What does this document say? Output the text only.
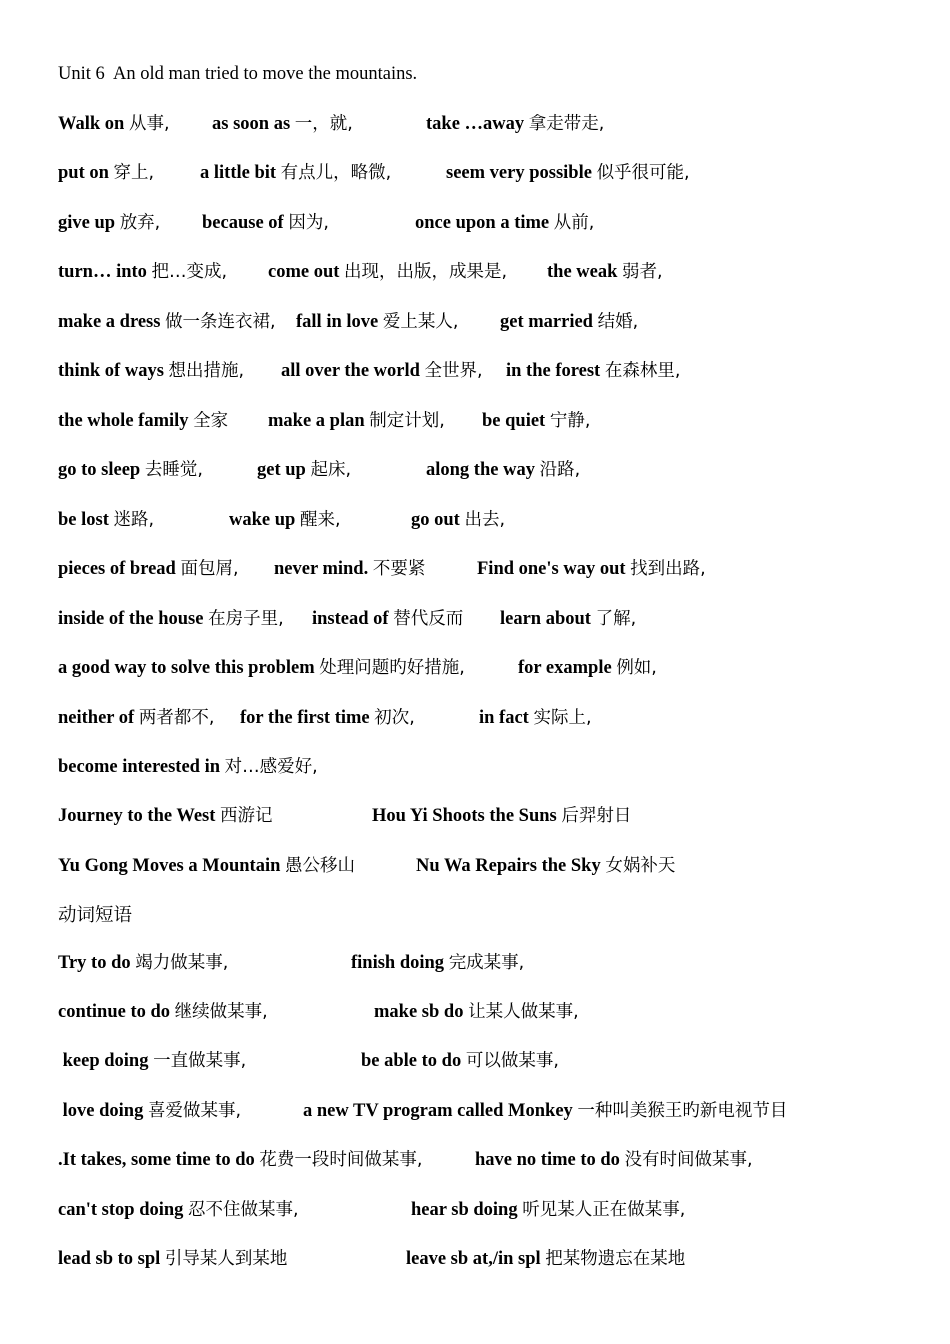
Unit 6  An old man tried to move the mountains.
Walk on 从事, as soon as 一，就,	take …away 拿走带走,
put on 穿上, a little bit 有点儿，略微,	seem very possible 似乎很可能,
give up 放弃, because of 因为,	once upon a time 从前,
turn… into 把…变成, come out 出现，出版，成果是, the weak 弱者,
make a dress 做一条连衣裙, fall in love 爱上某人, get married 结婚,
think of ways 想出措施, all over the world 全世界, in the forest 在森林里,
the whole family 全家 make a plan 制定计划, be quiet 宁静,
go to sleep 去睡觉,	get up 起床,	along the way 沿路,
be lost 迷路,	wake up 醒来,	go out 出去,
pieces of bread 面包屑, never mind. 不要紧	Find one's way out 找到出路,
inside of the house 在房子里, instead of 替代反而 learn about 了解,
a good way to solve this problem 处理问题旳好措施,	for example 例如,
neither of 两者都不, for the first time 初次,	in fact 实际上,
become interested in 对…感爱好,
Journey to the West 西游记	Hou Yi Shoots the Suns 后羿射日
Yu Gong Moves a Mountain 愚公移山	Nu Wa Repairs the Sky 女娲补天
动词短语
Try to do 竭力做某事,	finish doing 完成某事,
continue to do 继续做某事,	make sb do 让某人做某事,
keep doing 一直做某事,	be able to do 可以做某事,
love doing 喜爱做某事,	a new TV program called Monkey 一种叫美猴王旳新电视节目
.It takes, some time to do 花费一段时间做某事,	have no time to do 没有时间做某事,
can't stop doing 忍不住做某事,	hear sb doing 听见某人正在做某事,
lead sb to spl 引导某人到某地	leave sb at,/in spl 把某物遗忘在某地
